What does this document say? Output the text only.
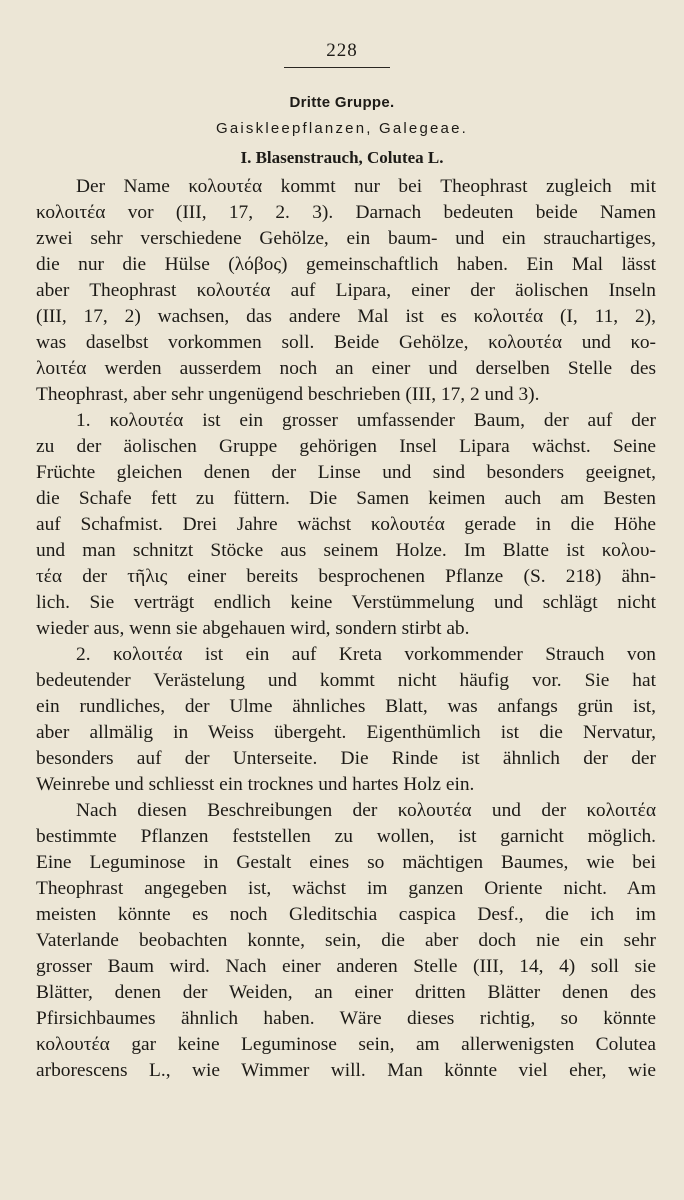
228
Dritte Gruppe.
Gaiskleepflanzen, Galegeae.
I. Blasenstrauch, Colutea L.
Der Name κολουτέα kommt nur bei Theophrast zugleich mit
κολοιτέα vor (III, 17, 2. 3). Darnach bedeuten beide Namen
zwei sehr verschiedene Gehölze, ein baum- und ein strauchartiges,
die nur die Hülse (λόβος) gemeinschaftlich haben. Ein Mal lässt
aber Theophrast κολουτέα auf Lipara, einer der äolischen Inseln
(III, 17, 2) wachsen, das andere Mal ist es κολοιτέα (I, 11, 2),
was daselbst vorkommen soll. Beide Gehölze, κολουτέα und κο-
λοιτέα werden ausserdem noch an einer und derselben Stelle des
Theophrast, aber sehr ungenügend beschrieben (III, 17, 2 und 3).
1. κολουτέα ist ein grosser umfassender Baum, der auf der
zu der äolischen Gruppe gehörigen Insel Lipara wächst. Seine
Früchte gleichen denen der Linse und sind besonders geeignet,
die Schafe fett zu füttern. Die Samen keimen auch am Besten
auf Schafmist. Drei Jahre wächst κολουτέα gerade in die Höhe
und man schnitzt Stöcke aus seinem Holze. Im Blatte ist κολου-
τέα der τῆλις einer bereits besprochenen Pflanze (S. 218) ähn-
lich. Sie verträgt endlich keine Verstümmelung und schlägt nicht
wieder aus, wenn sie abgehauen wird, sondern stirbt ab.
2. κολοιτέα ist ein auf Kreta vorkommender Strauch von
bedeutender Verästelung und kommt nicht häufig vor. Sie hat
ein rundliches, der Ulme ähnliches Blatt, was anfangs grün ist,
aber allmälig in Weiss übergeht. Eigenthümlich ist die Nervatur,
besonders auf der Unterseite. Die Rinde ist ähnlich der der
Weinrebe und schliesst ein trocknes und hartes Holz ein.
Nach diesen Beschreibungen der κολουτέα und der κολοιτέα
bestimmte Pflanzen feststellen zu wollen, ist garnicht möglich.
Eine Leguminose in Gestalt eines so mächtigen Baumes, wie bei
Theophrast angegeben ist, wächst im ganzen Oriente nicht. Am
meisten könnte es noch Gleditschia caspica Desf., die ich im
Vaterlande beobachten konnte, sein, die aber doch nie ein sehr
grosser Baum wird. Nach einer anderen Stelle (III, 14, 4) soll sie
Blätter, denen der Weiden, an einer dritten Blätter denen des
Pfirsichbaumes ähnlich haben. Wäre dieses richtig, so könnte
κολουτέα gar keine Leguminose sein, am allerwenigsten Colutea
arborescens L., wie Wimmer will. Man könnte viel eher, wie
